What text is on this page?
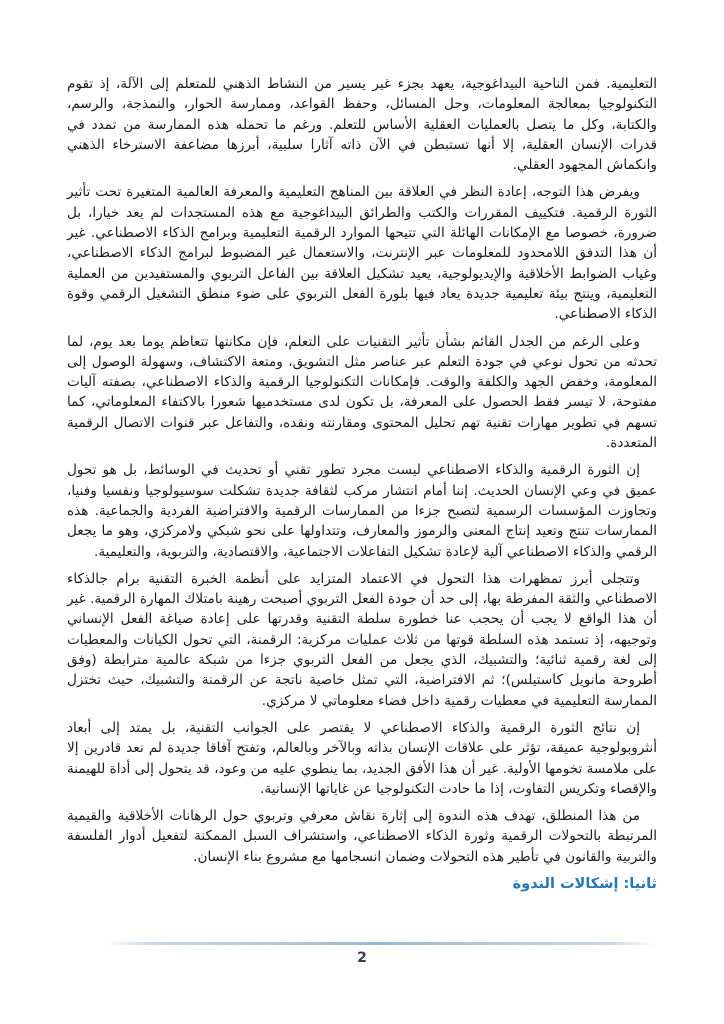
التعليمية. فمن الناحية البيداغوجية، يعهد بجزء غير يسير من النشاط الذهني للمتعلم إلى الآلة، إذ تقوم التكنولوجيا بمعالجة المعلومات، وحل المسائل، وحفظ القواعد، وممارسة الحوار، والنمذجة، والرسم، والكتابة، وكل ما يتصل بالعمليات العقلية الأساس للتعلم. ورغم ما تحمله هذه الممارسة من تمدد في قدرات الإنسان العقلية، إلا أنها تستبطن في الآن ذاته آثارا سلبية، أبرزها مضاعفة الاسترخاء الذهني وانكماش المجهود العقلي.

ويفرض هذا التوجه، إعادة النظر في العلاقة بين المناهج التعليمية والمعرفة العالمية المتغيرة تحت تأثير الثورة الرقمية. فتكييف المقررات والكتب والطرائق البيداغوجية مع هذه المستجدات لم يعد خيارا، بل ضرورة، خصوصا مع الإمكانات الهائلة التي تتيحها الموارد الرقمية التعليمية وبرامج الذكاء الاصطناعي. غير أن هذا التدفق اللامحدود للمعلومات عبر الإنترنت، والاستعمال غير المضبوط لبرامج الذكاء الاصطناعي، وغياب الضوابط الأخلاقية والإيديولوجية، يعيد تشكيل العلاقة بين الفاعل التربوي والمستفيدين من العملية التعليمية، وينتج بيئة تعليمية جديدة يعاد فيها بلورة الفعل التربوي على ضوء منطق التشغيل الرقمي وقوة الذكاء الاصطناعي.

وعلى الرغم من الجدل القائم بشأن تأثير التقنيات على التعلم، فإن مكانتها تتعاظم يوما بعد يوم، لما تحدثه من تحول نوعي في جودة التعلم عبر عناصر مثل التشويق، ومتعة الاكتشاف، وسهولة الوصول إلى المعلومة، وخفض الجهد والكلفة والوقت. فإمكانات التكنولوجيا الرقمية والذكاء الاصطناعي، بصفته آليات مفتوحة، لا تيسر فقط الحصول على المعرفة، بل تكون لدى مستخدميها شعورا بالاكتفاء المعلوماتي، كما تسهم في تطوير مهارات تقنية تهم تحليل المحتوى ومقارنته ونقده، والتفاعل عبر قنوات الاتصال الرقمية المتعددة.

إن الثورة الرقمية والذكاء الاصطناعي ليست مجرد تطور تقني أو تحديث في الوسائط، بل هو تحول عميق في وعي الإنسان الحديث. إننا أمام انتشار مركب لثقافة جديدة تشكلت سوسيولوجيا ونفسيا وفنيا، وتجاوزت المؤسسات الرسمية لتصبح جزءا من الممارسات الرقمية والافتراضية الفردية والجماعية. هذه الممارسات تنتج وتعيد إنتاج المعنى والرموز والمعارف، وتتداولها على نحو شبكي ولامركزي، وهو ما يجعل الرقمي والذكاء الاصطناعي آلية لإعادة تشكيل التفاعلات الاجتماعية، والاقتصادية، والتربوية، والتعليمية.

وتتجلى أبرز تمظهرات هذا التحول في الاعتماد المتزايد على أنظمة الخبرة التقنية برام جالذكاء الاصطناعي والثقة المفرطة بها، إلى حد أن جودة الفعل التربوي أصبحت رهينة بامتلاك المهارة الرقمية. غير أن هذا الواقع لا يجب أن يحجب عنا خطورة سلطة التقنية وقدرتها على إعادة صياغة الفعل الإنساني وتوجيهه، إذ تستمد هذه السلطة قوتها من ثلاث عمليات مركزية: الرقمنة، التي تحول الكيانات والمعطيات إلى لغة رقمية ثنائية؛ والتشبيك، الذي يجعل من الفعل التربوي جزءا من شبكة عالمية مترابطة (وفق أطروحة مانويل كاستيلس)؛ ثم الافتراضية، التي تمثل خاصية ناتجة عن الرقمنة والتشبيك، حيث تختزل الممارسة التعليمية في معطيات رقمية داخل فضاء معلوماتي لا مركزي.

إن نتائج الثورة الرقمية والذكاء الاصطناعي لا يقتصر على الجوانب التقنية، بل يمتد إلى أبعاد أنثروبولوجية عميقة، تؤثر على علاقات الإنسان بذاته وبالآخر وبالعالم، وتفتح آفاقا جديدة لم نعد قادرين إلا على ملامسة تخومها الأولية. غير أن هذا الأفق الجديد، بما ينطوي عليه من وعود، قد يتحول إلى أداة للهيمنة والإقصاء وتكريس التفاوت، إذا ما حادت التكنولوجيا عن غاياتها الإنسانية.

من هذا المنطلق، تهدف هذه الندوة إلى إثارة نقاش معرفي وتربوي حول الرهانات الأخلاقية والقيمية المرتبطة بالتحولات الرقمية وثورة الذكاء الاصطناعي، واستشراف السبل الممكنة لتفعيل أدوار الفلسفة والتربية والقانون في تأطير هذه التحولات وضمان انسجامها مع مشروع بناء الإنسان.

ثانيا: إشكالات الندوة
2
